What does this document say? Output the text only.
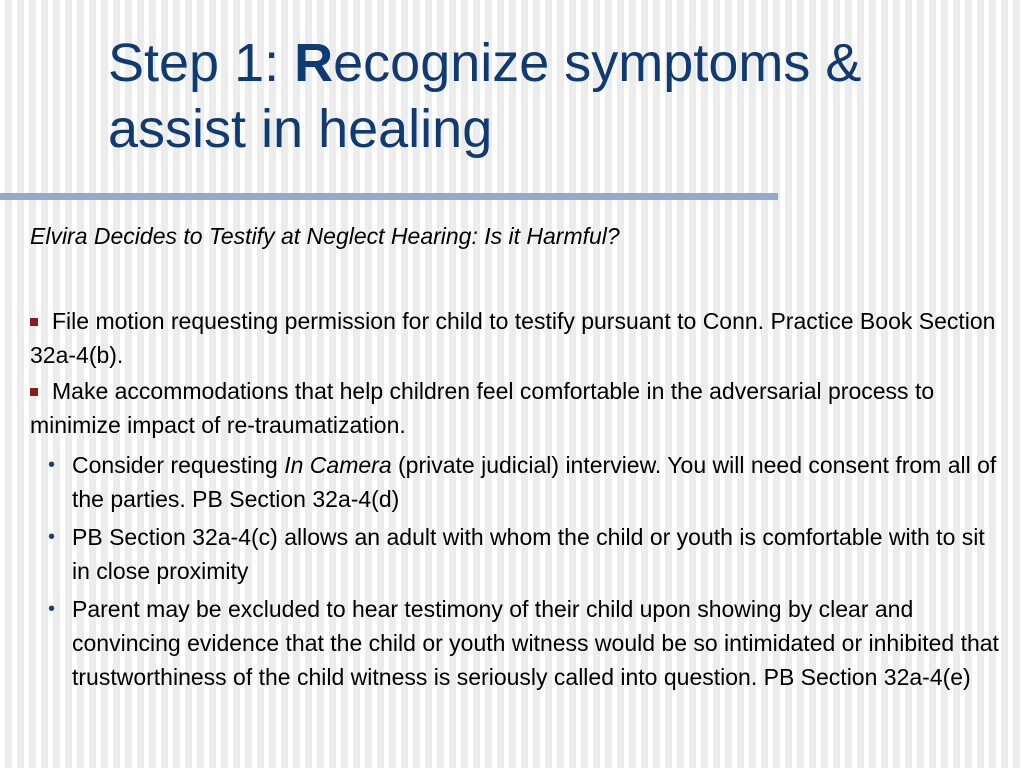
Step 1: Recognize symptoms &
assist in healing
Elvira Decides to Testify at Neglect Hearing: Is it Harmful?

File motion requesting permission for child to testify pursuant to Conn. Practice Book Section 32a-4(b).

Make accommodations that help children feel comfortable in the adversarial process to minimize impact of re-traumatization.

• Consider requesting In Camera (private judicial) interview. You will need consent from all of the parties. PB Section 32a-4(d)
• PB Section 32a-4(c) allows an adult with whom the child or youth is comfortable with to sit in close proximity
• Parent may be excluded to hear testimony of their child upon showing by clear and convincing evidence that the child or youth witness would be so intimidated or inhibited that trustworthiness of the child witness is seriously called into question. PB Section 32a-4(e)
